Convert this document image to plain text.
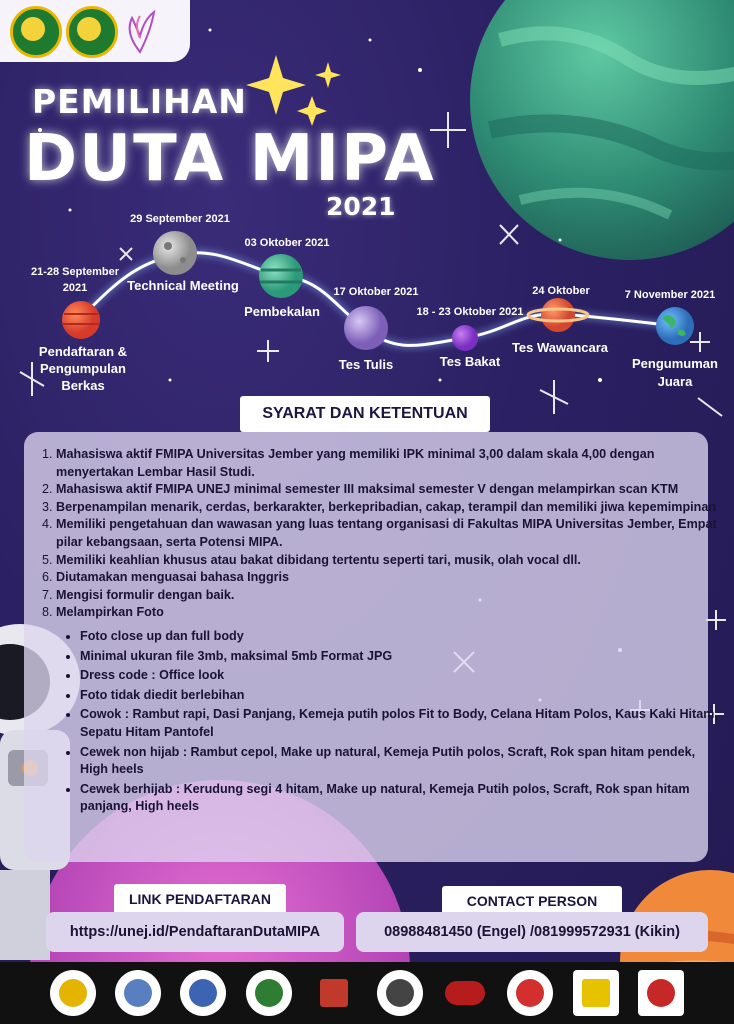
PEMILIHAN
DUTA MIPA
2021
21-28 September 2021
Pendaftaran & Pengumpulan Berkas
29 September 2021
Technical Meeting
03 Oktober 2021
Pembekalan
17 Oktober 2021
Tes Tulis
18 - 23 Oktober 2021
Tes Bakat
24 Oktober
Tes Wawancara
7 November 2021
Pengumuman Juara
1. Mahasiswa aktif FMIPA Universitas Jember yang memiliki IPK minimal 3,00 dalam skala 4,00 dengan menyertakan Lembar Hasil Studi.
2. Mahasiswa aktif FMIPA UNEJ minimal semester III maksimal semester V dengan melampirkan scan KTM
3. Berpenampilan menarik, cerdas, berkarakter, berkepribadian, cakap, terampil dan memiliki jiwa kepemimpinan
4. Memiliki pengetahuan dan wawasan yang luas tentang organisasi di Fakultas MIPA Universitas Jember, Empat pilar kebangsaan, serta Potensi MIPA.
5. Memiliki keahlian khusus atau bakat dibidang tertentu seperti tari, musik, olah vocal dll.
6. Diutamakan menguasai bahasa Inggris
7. Mengisi formulir dengan baik.
8. Melampirkan Foto
• Foto close up dan full body
• Minimal ukuran file 3mb, maksimal 5mb Format JPG
• Dress code : Office look
• Foto tidak diedit berlebihan
• Cowok : Rambut rapi, Dasi Panjang, Kemeja putih polos Fit to Body, Celana Hitam Polos, Kaus Kaki Hitam, Sepatu Hitam Pantofel
• Cewek non hijab : Rambut cepol, Make up natural, Kemeja Putih polos, Scraft, Rok span hitam pendek, High heels
• Cewek berhijab : Kerudung segi 4 hitam, Make up natural, Kemeja Putih polos, Scraft, Rok span hitam panjang, High heels
SYARAT DAN KETENTUAN
LINK PENDAFTARAN
https://unej.id/PendaftaranDutaMIPA
CONTACT PERSON
08988481450 (Engel) /081999572931 (Kikin)
